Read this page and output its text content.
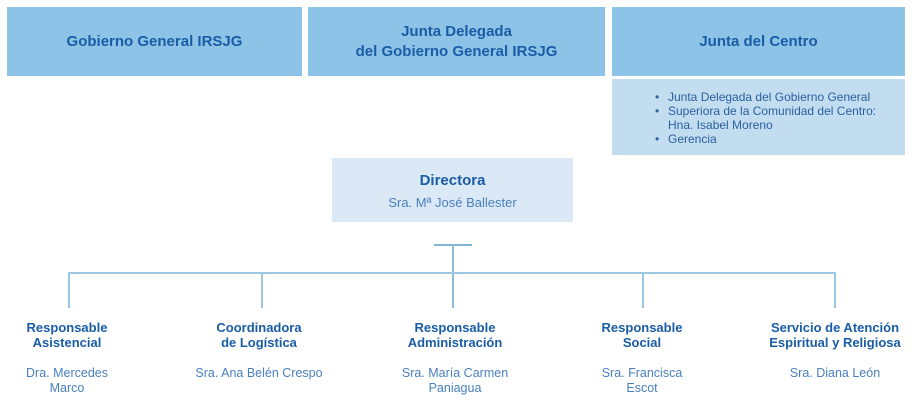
Gobierno General IRSJG
Junta Delegada
del Gobierno General IRSJG
Junta del Centro
• Junta Delegada del Gobierno General
• Superiora de la Comunidad del Centro: Hna. Isabel Moreno
• Gerencia
Directora
Sra. Mª José Ballester
Responsable
Asistencial
Dra. Mercedes
Marco
Coordinadora
de Logística
Sra. Ana Belén Crespo
Responsable
Administración
Sra. María Carmen
Paniagua
Responsable
Social
Sra. Francisca
Escot
Servicio de Atención
Espiritual y Religiosa
Sra. Diana León
